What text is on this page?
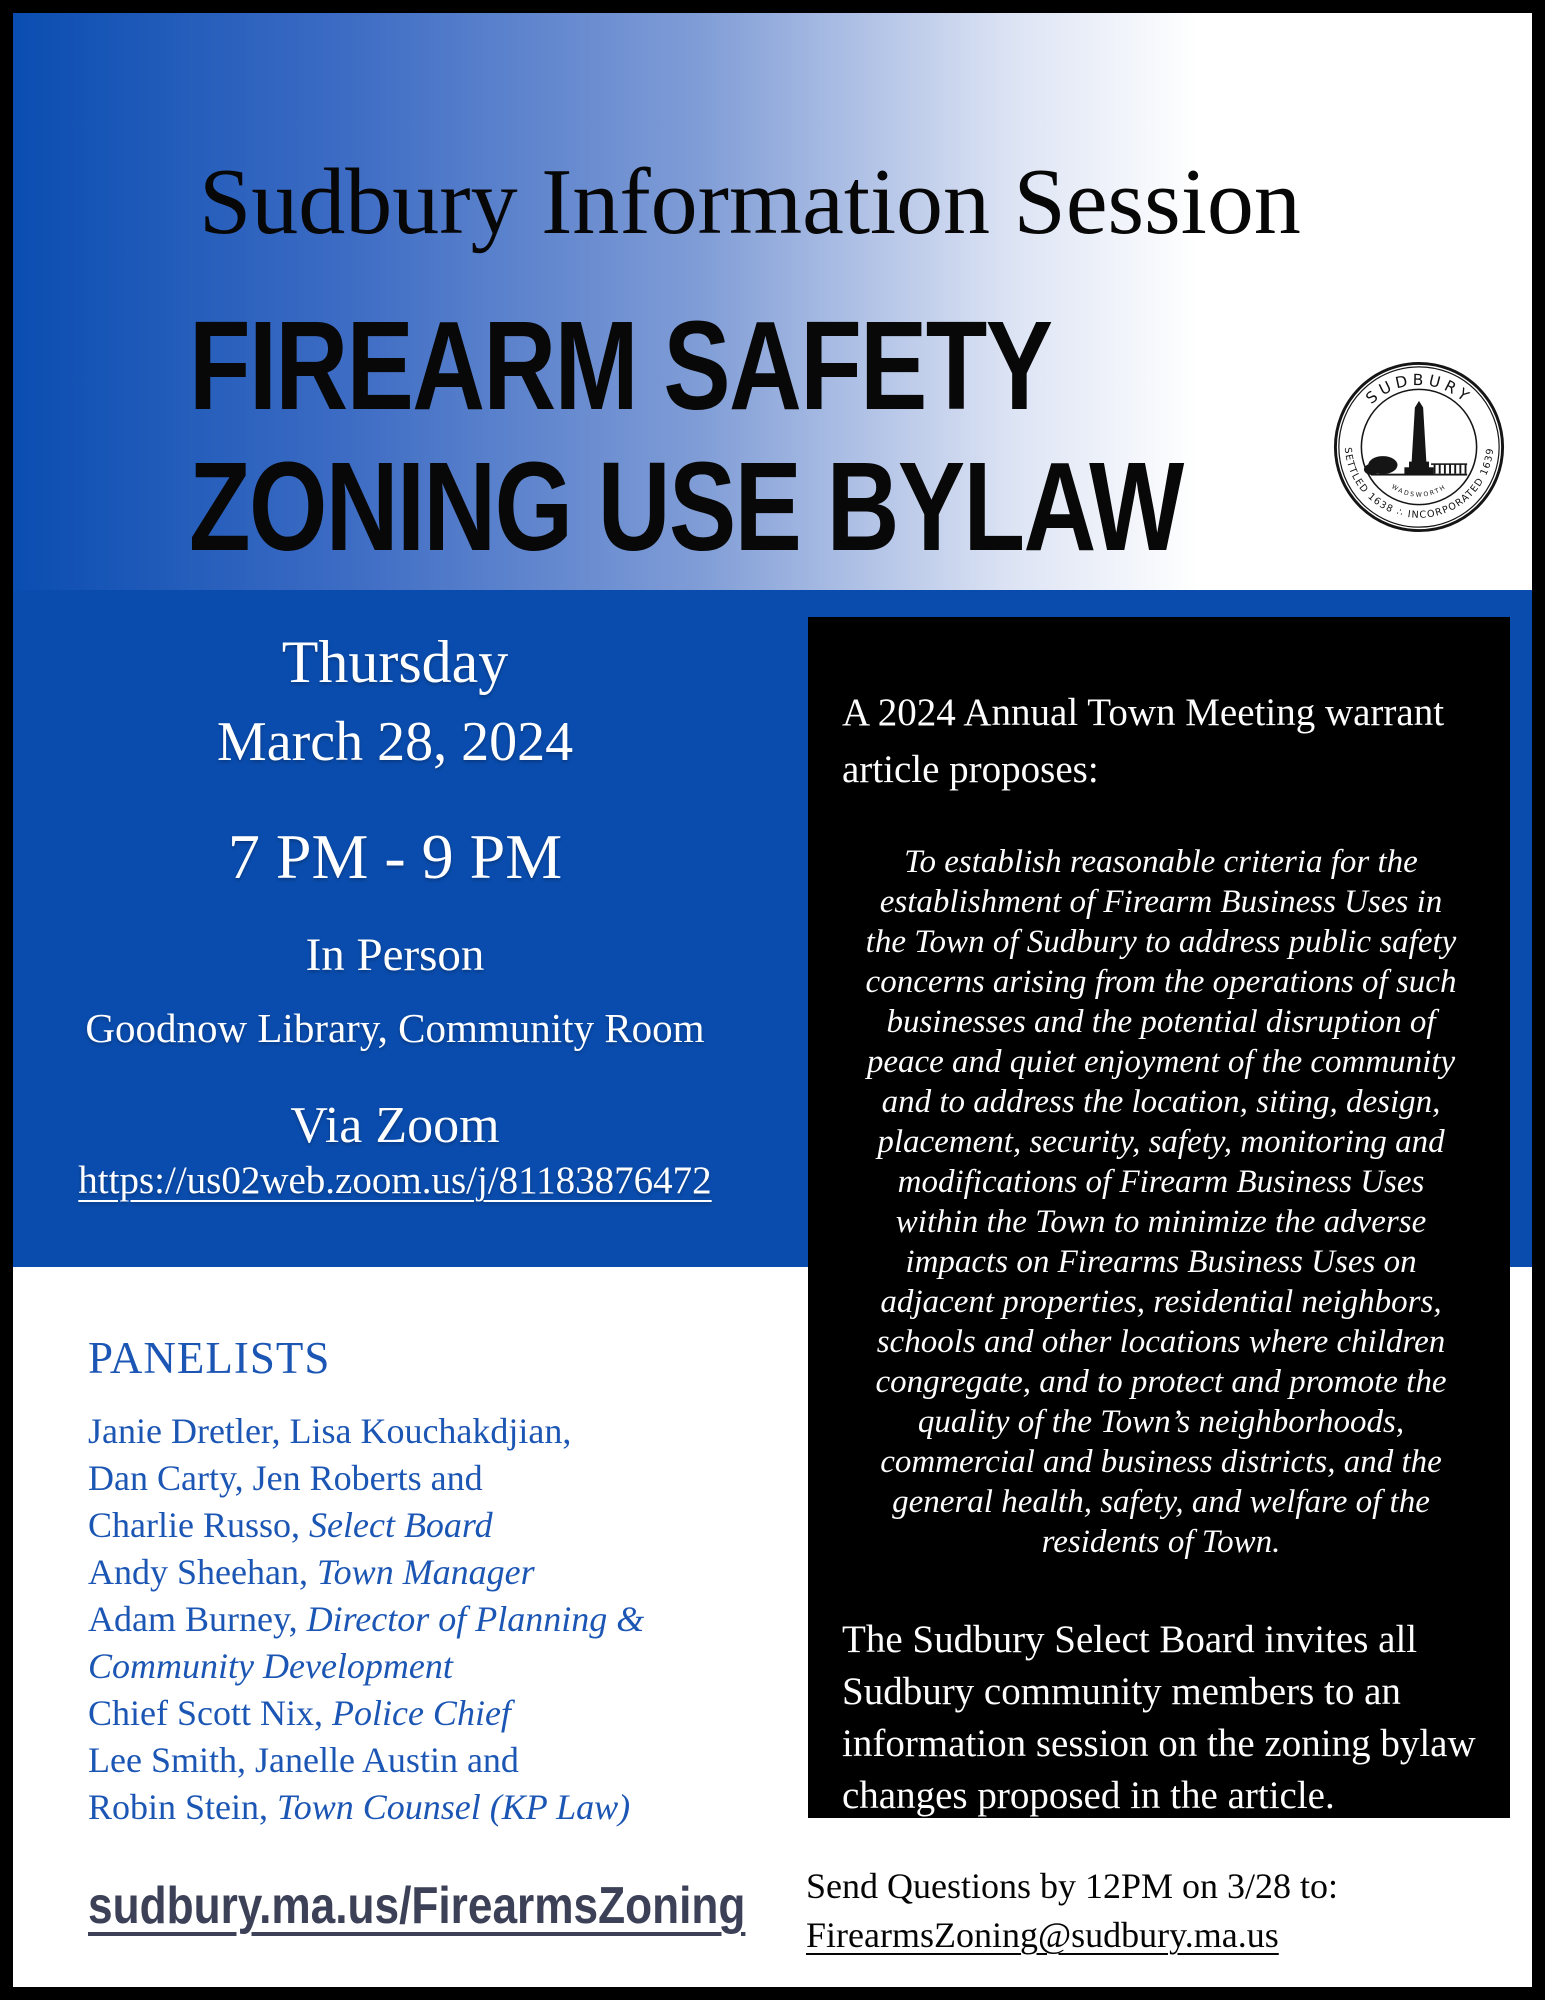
Sudbury Information Session
FIREARM SAFETY
ZONING USE BYLAW
SUDBURY
SETTLED 1638 ∴ INCORPORATED 1639
WADSWORTH
Thursday
March 28, 2024
7 PM - 9 PM
In Person
Goodnow Library, Community Room
Via Zoom
https://us02web.zoom.us/j/81183876472
A 2024 Annual Town Meeting warrant article proposes:
To establish reasonable criteria for the establishment of Firearm Business Uses in the Town of Sudbury to address public safety concerns arising from the operations of such businesses and the potential disruption of peace and quiet enjoyment of the community and to address the location, siting, design, placement, security, safety, monitoring and modifications of Firearm Business Uses within the Town to minimize the adverse impacts on Firearms Business Uses on adjacent properties, residential neighbors, schools and other locations where children congregate, and to protect and promote the quality of the Town’s neighborhoods, commercial and business districts, and the general health, safety, and welfare of the residents of Town.
The Sudbury Select Board invites all Sudbury community members to an information session on the zoning bylaw changes proposed in the article.
PANELISTS
Janie Dretler, Lisa Kouchakdjian,
Dan Carty, Jen Roberts and
Charlie Russo, Select Board
Andy Sheehan, Town Manager
Adam Burney, Director of Planning &
Community Development
Chief Scott Nix, Police Chief
Lee Smith, Janelle Austin and
Robin Stein, Town Counsel (KP Law)
sudbury.ma.us/FirearmsZoning Send Questions by 12PM on 3/28 to:
FirearmsZoning@sudbury.ma.us
